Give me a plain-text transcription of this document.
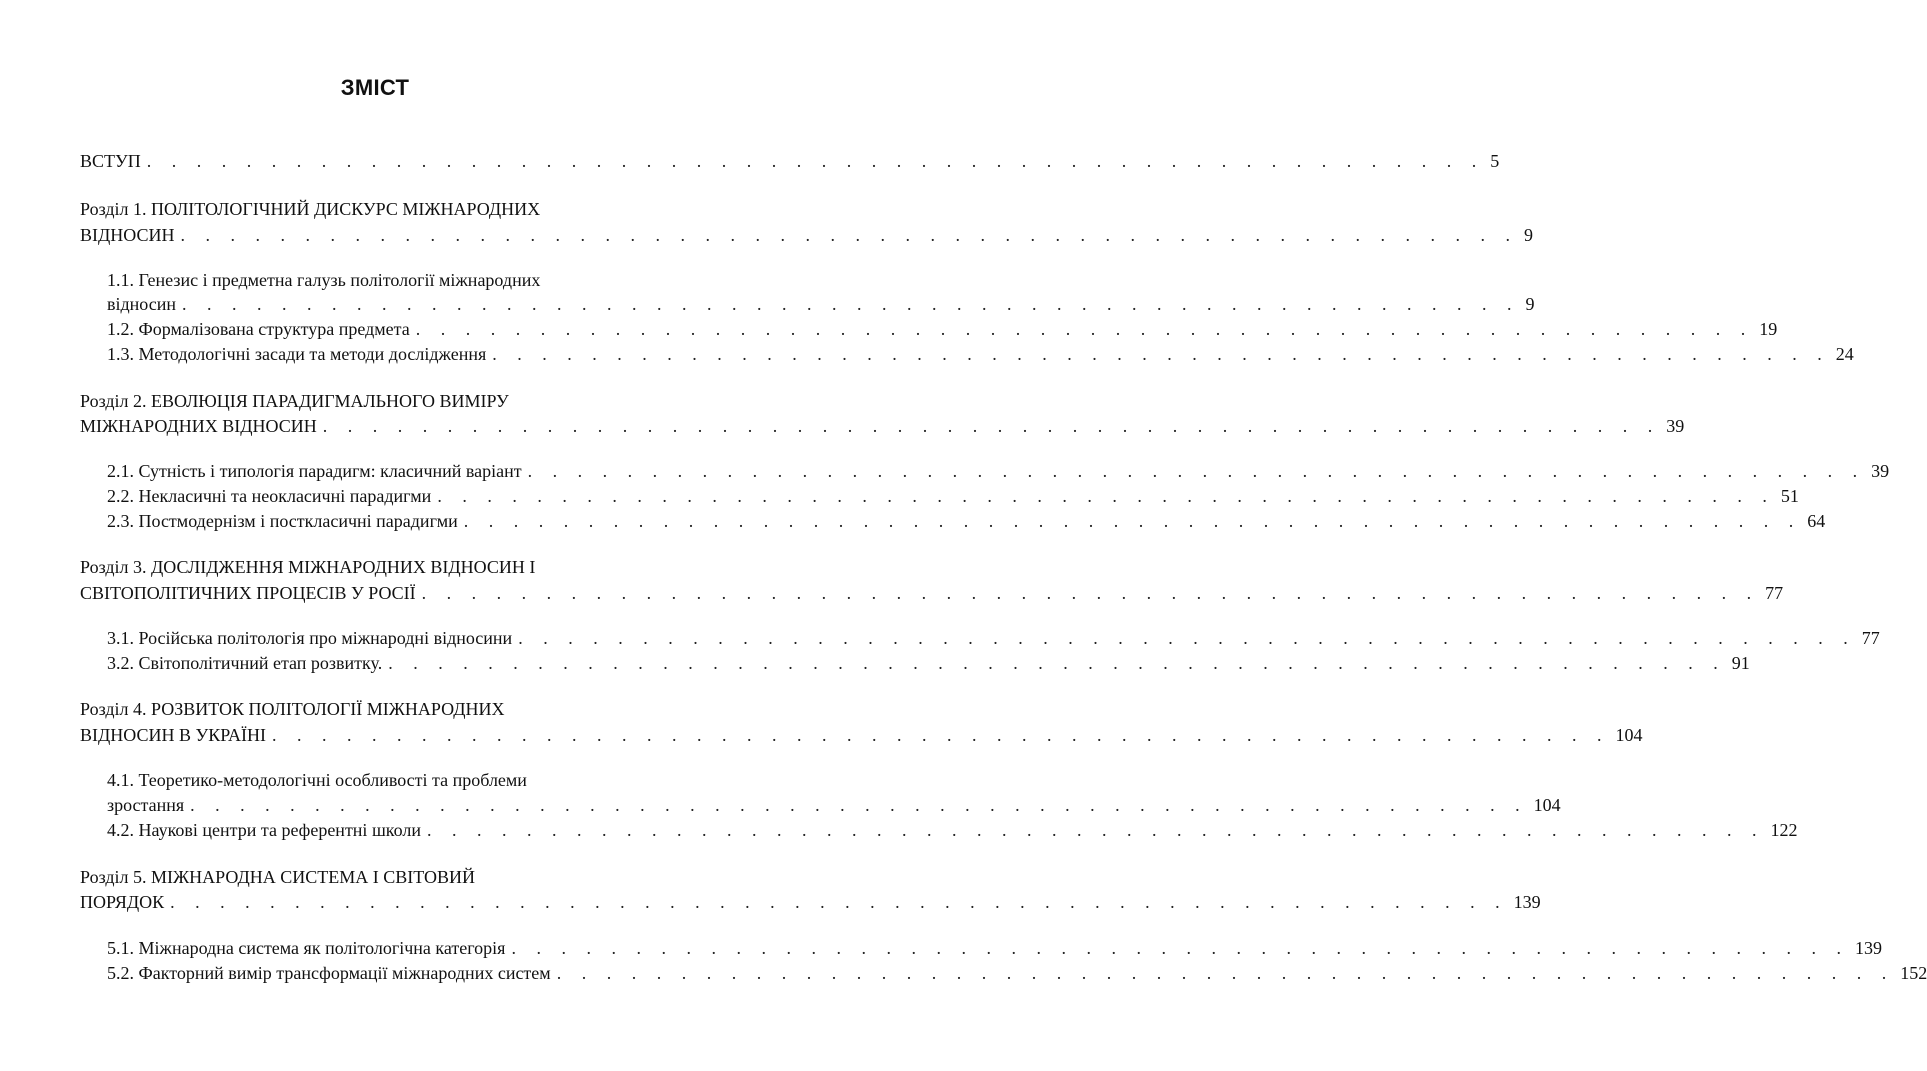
ЗМІСТ
ВСТУП . . . . . . . . . . . . . . . . . . . . . . . . . . . . . . . . . . . . . . . . . . . . . . . . . . . . . . 5
Розділ 1. ПОЛІТОЛОГІЧНИЙ ДИСКУРС МІЖНАРОДНИХ
ВІДНОСИН . . . . . . . . . . . . . . . . . . . . . . . . . . . . . . . . . . . . . . . . . . . . . . . . . . . . . . 9
1.1. Генезис і предметна галузь політології міжнародних
відносин . . . . . . . . . . . . . . . . . . . . . . . . . . . . . . . . . . . . . . . . . . . . . . . . . . . . . . 9
1.2. Формалізована структура предмета . . . . . . . . . . . . . . . . . . . . . . . . . . . . . . . . . . . . . . . . . . . . . . . . . . . . . . 19
1.3. Методологічні засади та методи дослідження . . . . . . . . . . . . . . . . . . . . . . . . . . . . . . . . . . . . . . . . . . . . . . . . . . . . . . 24
Розділ 2. ЕВОЛЮЦІЯ ПАРАДИГМАЛЬНОГО ВИМІРУ
МІЖНАРОДНИХ ВІДНОСИН . . . . . . . . . . . . . . . . . . . . . . . . . . . . . . . . . . . . . . . . . . . . . . . . . . . . . . 39
2.1. Сутність і типологія парадигм: класичний варіант . . . . . . . . . . . . . . . . . . . . . . . . . . . . . . . . . . . . . . . . . . . . . . . . . . . . . . 39
2.2. Некласичні та неокласичні парадигми . . . . . . . . . . . . . . . . . . . . . . . . . . . . . . . . . . . . . . . . . . . . . . . . . . . . . . 51
2.3. Постмодернізм і посткласичні парадигми . . . . . . . . . . . . . . . . . . . . . . . . . . . . . . . . . . . . . . . . . . . . . . . . . . . . . . 64
Розділ 3. ДОСЛІДЖЕННЯ МІЖНАРОДНИХ ВІДНОСИН І
СВІТОПОЛІТИЧНИХ ПРОЦЕСІВ У РОСІЇ . . . . . . . . . . . . . . . . . . . . . . . . . . . . . . . . . . . . . . . . . . . . . . . . . . . . . . 77
3.1. Російська політологія про міжнародні відносини . . . . . . . . . . . . . . . . . . . . . . . . . . . . . . . . . . . . . . . . . . . . . . . . . . . . . . 77
3.2. Світополітичний етап розвитку. . . . . . . . . . . . . . . . . . . . . . . . . . . . . . . . . . . . . . . . . . . . . . . . . . . . . . . 91
Розділ 4. РОЗВИТОК ПОЛІТОЛОГІЇ МІЖНАРОДНИХ
ВІДНОСИН В УКРАЇНІ . . . . . . . . . . . . . . . . . . . . . . . . . . . . . . . . . . . . . . . . . . . . . . . . . . . . . . 104
4.1. Теоретико-методологічні особливості та проблеми
зростання . . . . . . . . . . . . . . . . . . . . . . . . . . . . . . . . . . . . . . . . . . . . . . . . . . . . . . 104
4.2. Наукові центри та референтні школи . . . . . . . . . . . . . . . . . . . . . . . . . . . . . . . . . . . . . . . . . . . . . . . . . . . . . . 122
Розділ 5. МІЖНАРОДНА СИСТЕМА І СВІТОВИЙ
ПОРЯДОК . . . . . . . . . . . . . . . . . . . . . . . . . . . . . . . . . . . . . . . . . . . . . . . . . . . . . . 139
5.1. Міжнародна система як політологічна категорія . . . . . . . . . . . . . . . . . . . . . . . . . . . . . . . . . . . . . . . . . . . . . . . . . . . . . . 139
5.2. Факторний вимір трансформації міжнародних систем . . . . . . . . . . . . . . . . . . . . . . . . . . . . . . . . . . . . . . . . . . . . . . . . . . . . . . 152
